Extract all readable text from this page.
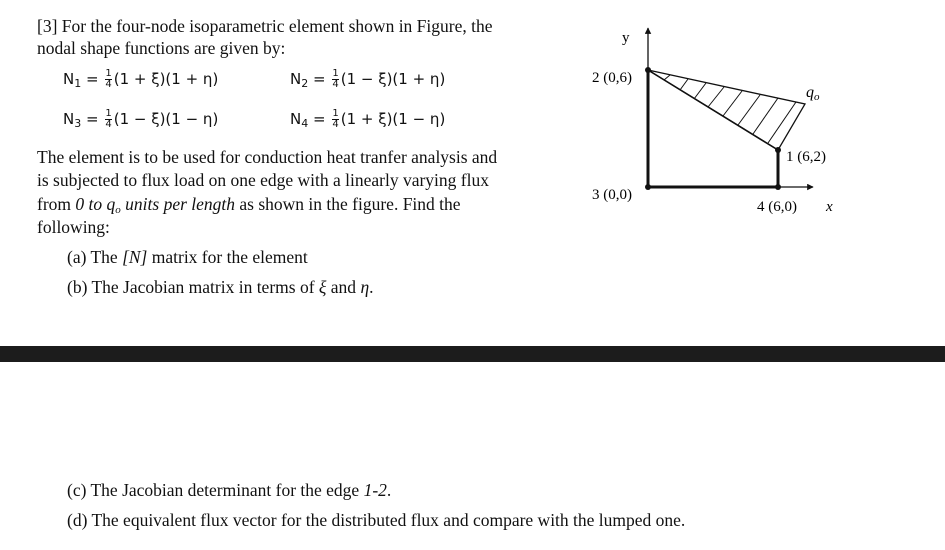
[3] For the four-node isoparametric element shown in Figure, the

nodal shape functions are given by:

$N_1 = \frac{1}{4} (1 + \xi)(1 + \eta)$	$N_2 = \frac{1}{4} (1 - \xi)(1 + \eta)$
$N_3 = \frac{1}{4} (1 - \xi)(1 - \eta)$	$N_4 = \frac{1}{4} (1 + \xi)(1 - \eta)$
The element is to be used for conduction heat tranfer analysis and
is subjected to flux load on one edge with a linearly varying flux
from 0 to $q_o$ units per length as shown in the figure. Find the
following:
(a) The [N] matrix for the element
(b) The Jacobian matrix in terms of ξ and η.
y
x
qo
2 (0,6)
1 (6,2)
3 (0,0)
4 (6,0)
(c) The Jacobian determinant for the edge 1-2.
(d) The equivalent flux vector for the distributed flux and compare with the lumped one.
